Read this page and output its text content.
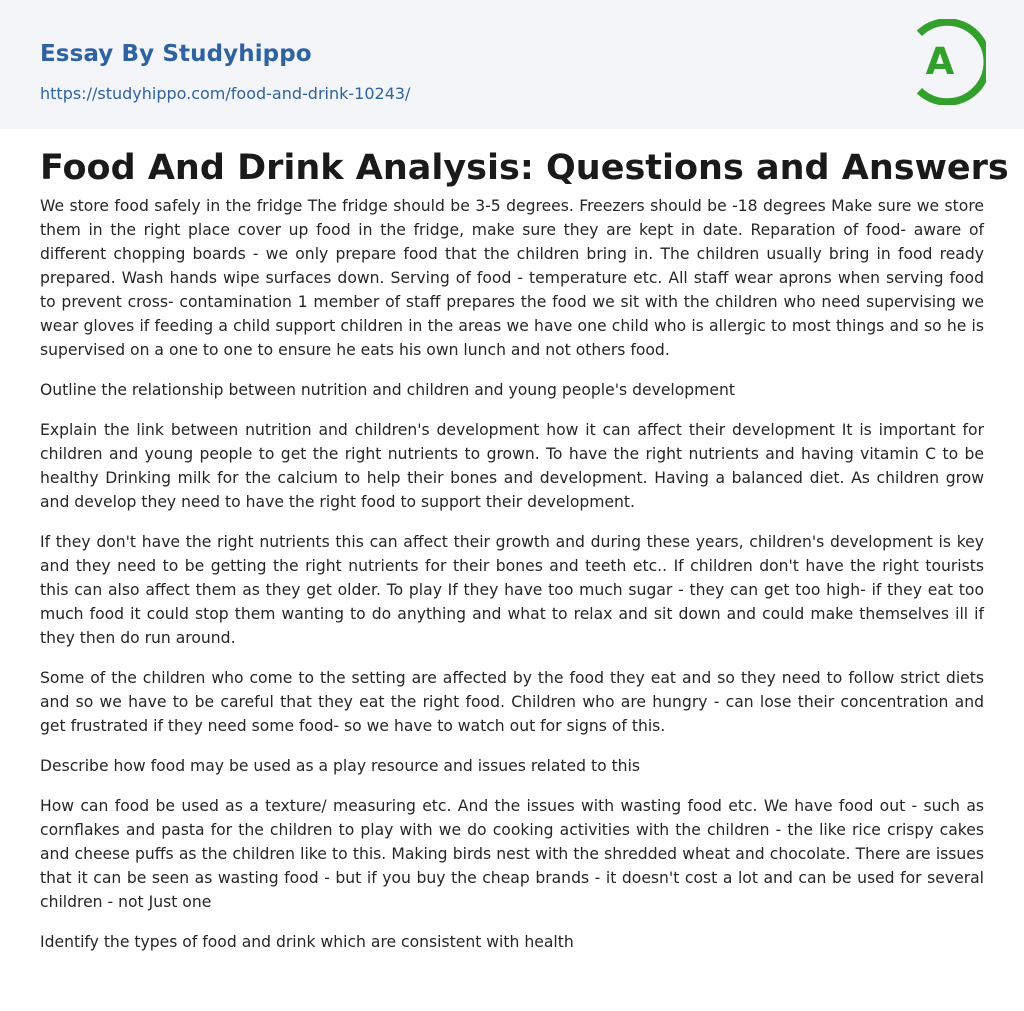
Essay By Studyhippo
https://studyhippo.com/food-and-drink-10243/
A
Food And Drink Analysis: Questions and Answers

We store food safely in the fridge The fridge should be 3-5 degrees. Freezers should be -18 degrees Make sure we store them in the right place cover up food in the fridge, make sure they are kept in date. Reparation of food- aware of different chopping boards - we only prepare food that the children bring in. The children usually bring in food ready prepared. Wash hands wipe surfaces down. Serving of food - temperature etc. All staff wear aprons when serving food to prevent cross- contamination 1 member of staff prepares the food we sit with the children who need supervising we wear gloves if feeding a child support children in the areas we have one child who is allergic to most things and so he is supervised on a one to one to ensure he eats his own lunch and not others food.

Outline the relationship between nutrition and children and young people's development

Explain the link between nutrition and children's development how it can affect their development It is important for children and young people to get the right nutrients to grown. To have the right nutrients and having vitamin C to be healthy Drinking milk for the calcium to help their bones and development. Having a balanced diet. As children grow and develop they need to have the right food to support their development.

If they don't have the right nutrients this can affect their growth and during these years, children's development is key and they need to be getting the right nutrients for their bones and teeth etc.. If children don't have the right tourists this can also affect them as they get older. To play If they have too much sugar - they can get too high- if they eat too much food it could stop them wanting to do anything and what to relax and sit down and could make themselves ill if they then do run around.

Some of the children who come to the setting are affected by the food they eat and so they need to follow strict diets and so we have to be careful that they eat the right food. Children who are hungry - can lose their concentration and get frustrated if they need some food- so we have to watch out for signs of this.

Describe how food may be used as a play resource and issues related to this

How can food be used as a texture/ measuring etc. And the issues with wasting food etc. We have food out - such as cornflakes and pasta for the children to play with we do cooking activities with the children - the like rice crispy cakes and cheese puffs as the children like to this. Making birds nest with the shredded wheat and chocolate. There are issues that it can be seen as wasting food - but if you buy the cheap brands - it doesn't cost a lot and can be used for several children - not Just one

Identify the types of food and drink which are consistent with health
